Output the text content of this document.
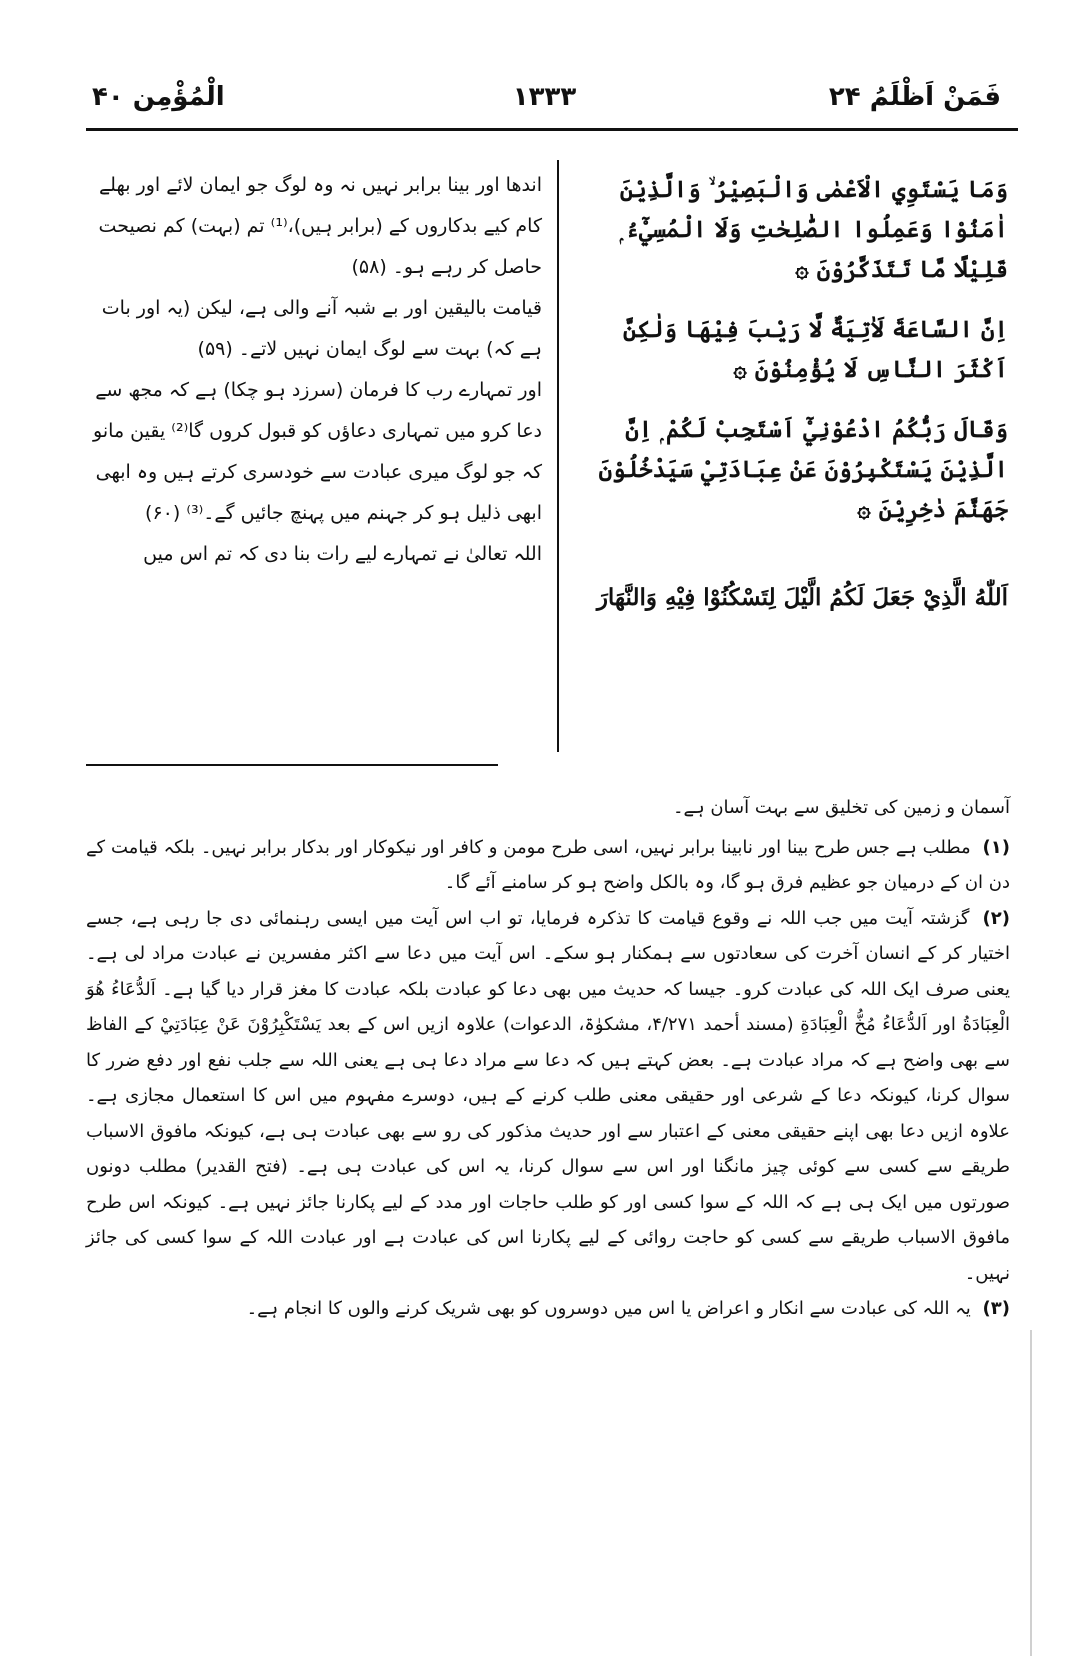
فَمَنْ اَظْلَمُ ۲۴
۱۳۳۳
الْمُؤْمِن ۴۰

وَمَا يَسْتَوِي الْاَعْمٰى وَالْبَصِيْرُ ۙ وَالَّذِيْنَ اٰمَنُوْا وَعَمِلُوا الصّٰلِحٰتِ وَلَا الْمُسِيْٓءُ ۭ قَلِيْلًا مَّا تَتَذَكَّرُوْنَ ۞

اِنَّ السَّاعَةَ لَاٰتِيَةٌ لَّا رَيْبَ فِيْهَا وَلٰكِنَّ اَكْثَرَ النَّاسِ لَا يُؤْمِنُوْنَ ۞

وَقَالَ رَبُّكُمُ ادْعُوْنِيْٓ اَسْتَجِبْ لَكُمْ ۭ اِنَّ الَّذِيْنَ يَسْتَكْبِرُوْنَ عَنْ عِبَادَتِيْ سَيَدْخُلُوْنَ جَهَنَّمَ دٰخِرِيْنَ ۞

اَللّٰهُ الَّذِيْ جَعَلَ لَكُمُ الَّيْلَ لِتَسْكُنُوْا فِيْهِ وَالنَّهَارَ

اندھا اور بینا برابر نہیں نہ وہ لوگ جو ایمان لائے اور بھلے کام کیے بدکاروں کے (برابر ہیں)،⁽¹⁾ تم (بہت) کم نصیحت حاصل کر رہے ہو۔ (۵۸)

قیامت بالیقین اور بے شبہ آنے والی ہے، لیکن (یہ اور بات ہے کہ) بہت سے لوگ ایمان نہیں لاتے۔ (۵۹)

اور تمہارے رب کا فرمان (سرزد ہو چکا) ہے کہ مجھ سے دعا کرو میں تمہاری دعاؤں کو قبول کروں گا⁽²⁾ یقین مانو کہ جو لوگ میری عبادت سے خودسری کرتے ہیں وہ ابھی ابھی ذلیل ہو کر جہنم میں پہنچ جائیں گے۔⁽³⁾ (۶۰)

اللہ تعالیٰ نے تمہارے لیے رات بنا دی کہ تم اس میں

آسمان و زمین کی تخلیق سے بہت آسان ہے۔

(۱) مطلب ہے جس طرح بینا اور نابینا برابر نہیں، اسی طرح مومن و کافر اور نیکوکار اور بدکار برابر نہیں۔ بلکہ قیامت کے دن ان کے درمیان جو عظیم فرق ہو گا، وہ بالکل واضح ہو کر سامنے آئے گا۔

(۲) گزشتہ آیت میں جب اللہ نے وقوع قیامت کا تذکرہ فرمایا، تو اب اس آیت میں ایسی رہنمائی دی جا رہی ہے، جسے اختیار کر کے انسان آخرت کی سعادتوں سے ہمکنار ہو سکے۔ اس آیت میں دعا سے اکثر مفسرین نے عبادت مراد لی ہے۔ یعنی صرف ایک اللہ کی عبادت کرو۔ جیسا کہ حدیث میں بھی دعا کو عبادت بلکہ عبادت کا مغز قرار دیا گیا ہے۔ اَلدُّعَاءُ هُوَ الْعِبَادَةُ اور اَلدُّعَاءُ مُخُّ الْعِبَادَةِ (مسند أحمد ۴/۲۷۱، مشکوٰۃ، الدعوات) علاوہ ازیں اس کے بعد يَسْتَكْبِرُوْنَ عَنْ عِبَادَتِيْ کے الفاظ سے بھی واضح ہے کہ مراد عبادت ہے۔ بعض کہتے ہیں کہ دعا سے مراد دعا ہی ہے یعنی اللہ سے جلب نفع اور دفع ضرر کا سوال کرنا، کیونکہ دعا کے شرعی اور حقیقی معنی طلب کرنے کے ہیں، دوسرے مفہوم میں اس کا استعمال مجازی ہے۔ علاوہ ازیں دعا بھی اپنے حقیقی معنی کے اعتبار سے اور حدیث مذکور کی رو سے بھی عبادت ہی ہے، کیونکہ مافوق الاسباب طریقے سے کسی سے کوئی چیز مانگنا اور اس سے سوال کرنا، یہ اس کی عبادت ہی ہے۔ (فتح القدیر) مطلب دونوں صورتوں میں ایک ہی ہے کہ اللہ کے سوا کسی اور کو طلب حاجات اور مدد کے لیے پکارنا جائز نہیں ہے۔ کیونکہ اس طرح مافوق الاسباب طریقے سے کسی کو حاجت روائی کے لیے پکارنا اس کی عبادت ہے اور عبادت اللہ کے سوا کسی کی جائز نہیں۔

(۳) یہ اللہ کی عبادت سے انکار و اعراض یا اس میں دوسروں کو بھی شریک کرنے والوں کا انجام ہے۔
